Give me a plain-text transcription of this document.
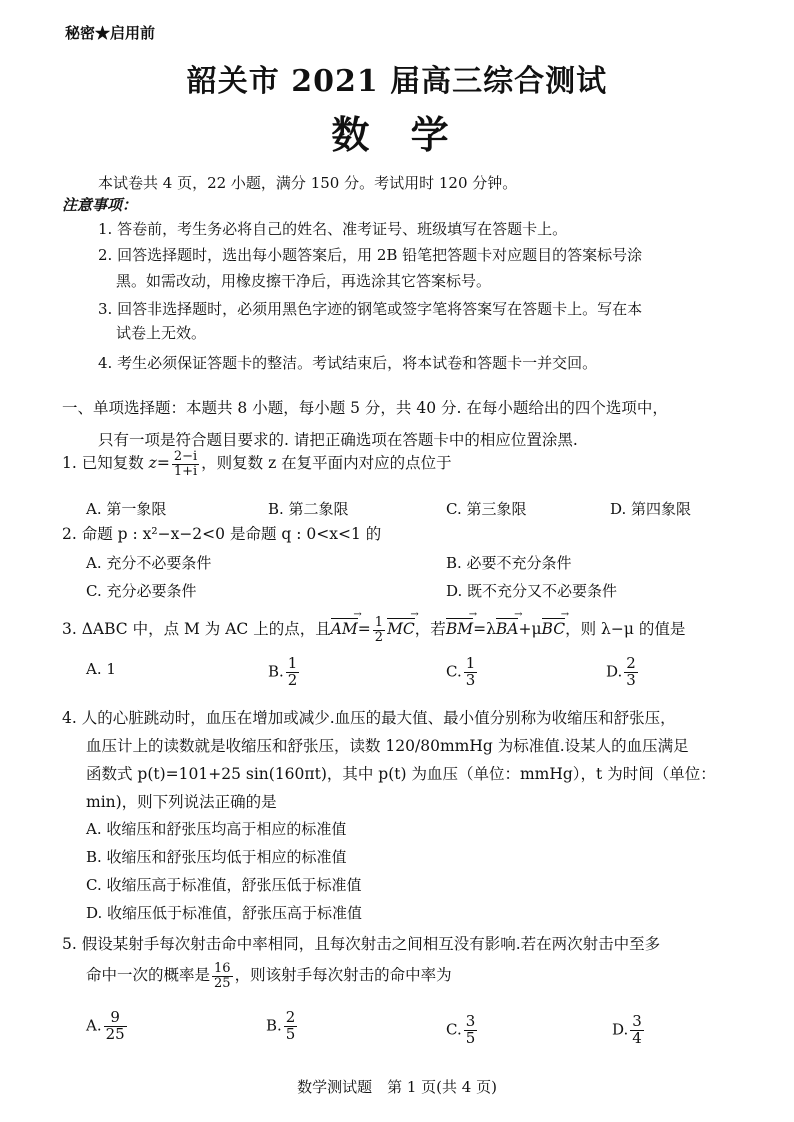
秘密★启用前
韶关市 2021 届高三综合测试
数 学
本试卷共 4 页，22 小题，满分 150 分。考试用时 120 分钟。
注意事项：
1. 答卷前，考生务必将自己的姓名、准考证号、班级填写在答题卡上。
2. 回答选择题时，选出每小题答案后，用 2B 铅笔把答题卡对应题目的答案标号涂
黑。如需改动，用橡皮擦干净后，再选涂其它答案标号。
3. 回答非选择题时，必须用黑色字迹的钢笔或签字笔将答案写在答题卡上。写在本
试卷上无效。
4. 考生必须保证答题卡的整洁。考试结束后，将本试卷和答题卡一并交回。
一、单项选择题：本题共 8 小题，每小题 5 分，共 40 分. 在每小题给出的四个选项中，
只有一项是符合题目要求的. 请把正确选项在答题卡中的相应位置涂黑.
1. 已知复数 $z= \frac{2-i}{1+i}$ ，则复数 z 在复平面内对应的点位于
A. 第一象限	B. 第二象限	C. 第三象限	D. 第四象限
2. 命题 p : x²−x−2<0 是命题 q : 0<x<1 的
A. 充分不必要条件	B. 必要不充分条件
C. 充分必要条件	D. 既不充分又不必要条件
3. ΔABC 中，点 M 为 AC 上的点，且AM →= $\frac{1}{2}$ MC →，若BM →=λBA →+μBC →，则 λ−μ 的值是
A. 1	B. $\frac{1}{2}$	C. $\frac{1}{3}$	D. $\frac{2}{3}$
4. 人的心脏跳动时，血压在增加或减少.血压的最大值、最小值分别称为收缩压和舒张压，
血压计上的读数就是收缩压和舒张压，读数 120/80mmHg 为标准值.设某人的血压满足
函数式 p(t)=101+25 sin(160πt)，其中 p(t) 为血压（单位：mmHg），t 为时间（单位：
min)，则下列说法正确的是
A. 收缩压和舒张压均高于相应的标准值
B. 收缩压和舒张压均低于相应的标准值
C. 收缩压高于标准值，舒张压低于标准值
D. 收缩压低于标准值，舒张压高于标准值
5. 假设某射手每次射击命中率相同，且每次射击之间相互没有影响.若在两次射击中至多
命中一次的概率是 $\frac{16}{25}$ ，则该射手每次射击的命中率为
A. $\frac{9}{25}$	B. $\frac{2}{5}$	C. $\frac{3}{5}$	D. $\frac{3}{4}$
数学测试题　第 1 页(共 4 页)
